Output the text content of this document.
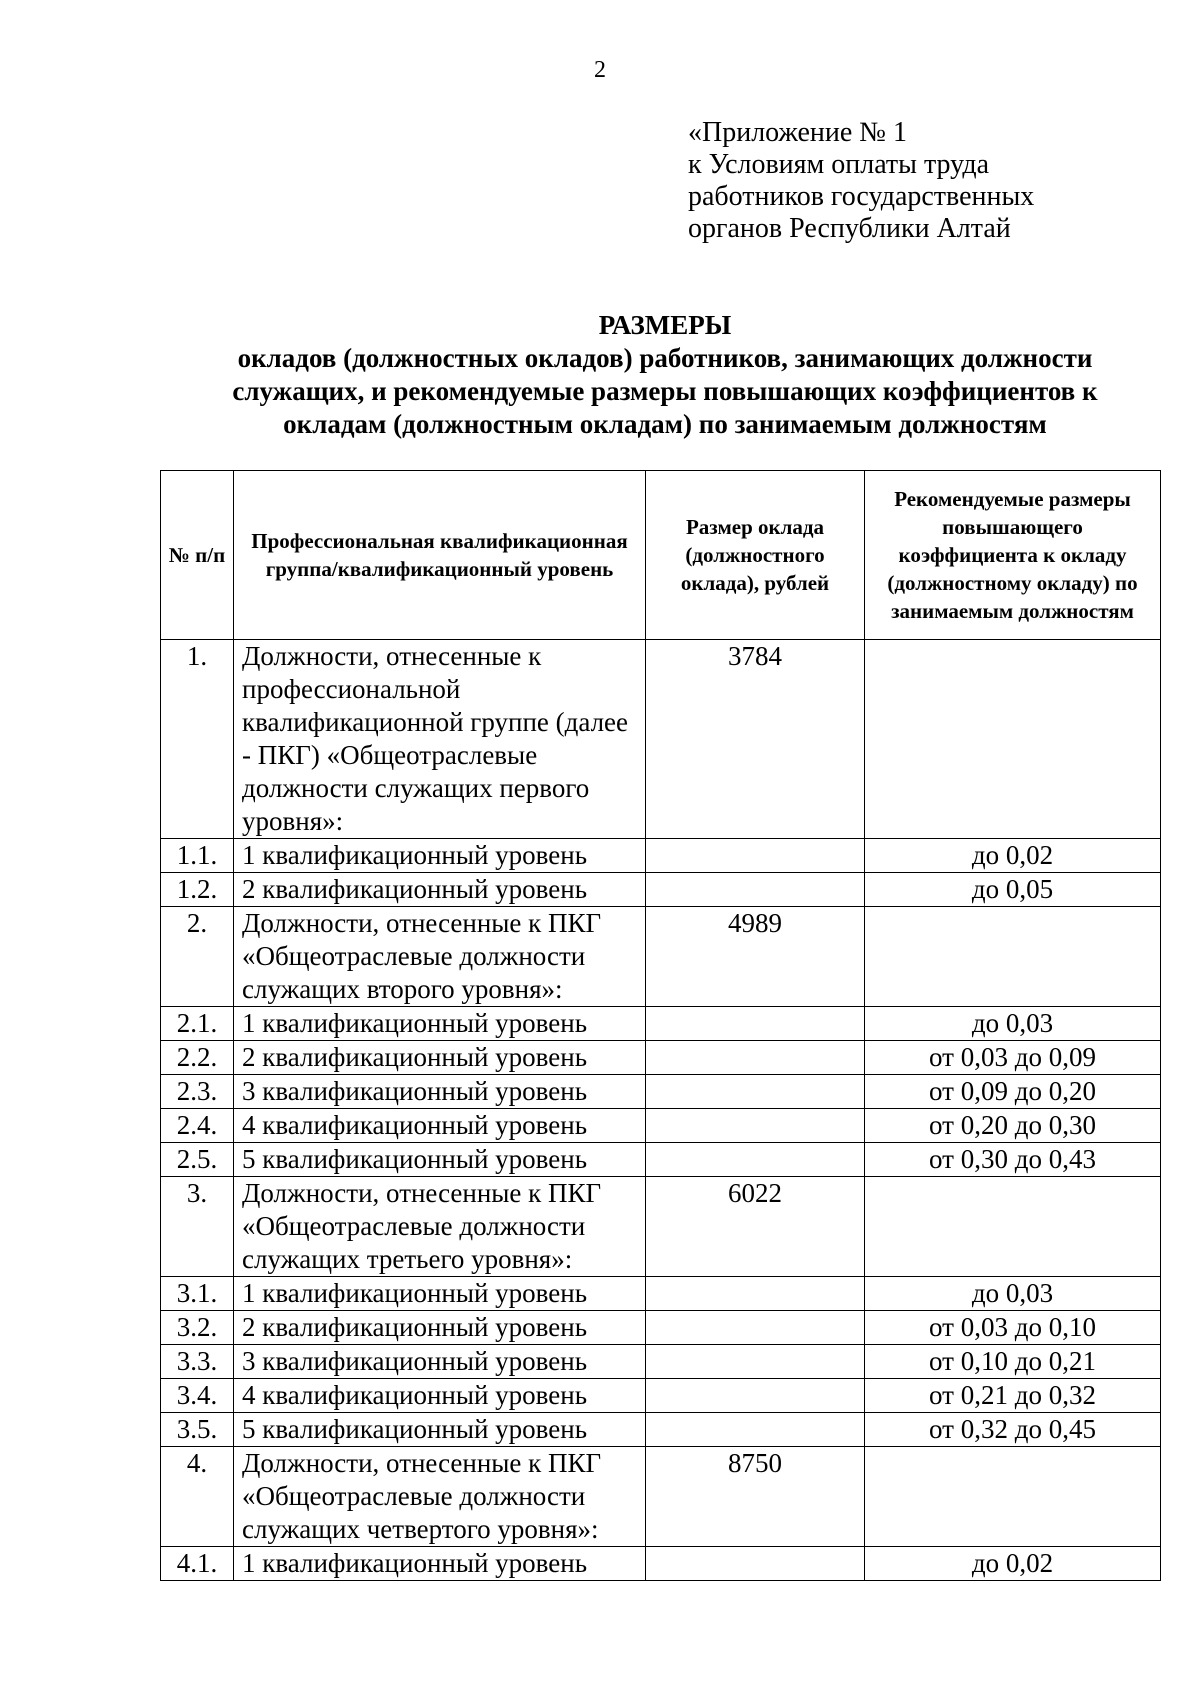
2
«Приложение № 1
к Условиям оплаты труда
работников государственных
органов Республики Алтай
РАЗМЕРЫ
окладов (должностных окладов) работников, занимающих должности
служащих, и рекомендуемые размеры повышающих коэффициентов к
окладам (должностным окладам) по занимаемым должностям
№ п/п	Профессиональная квалификационная группа/квалификационный уровень	Размер оклада (должностного оклада), рублей	Рекомендуемые размеры повышающего коэффициента к окладу (должностному окладу) по занимаемым должностям
1.	Должности, отнесенные к профессиональной квалификационной группе (далее - ПКГ) «Общеотраслевые должности служащих первого уровня»:	3784	
1.1.	1 квалификационный уровень		до 0,02
1.2.	2 квалификационный уровень		до 0,05
2.	Должности, отнесенные к ПКГ «Общеотраслевые должности служащих второго уровня»:	4989	
2.1.	1 квалификационный уровень		до 0,03
2.2.	2 квалификационный уровень		от 0,03 до 0,09
2.3.	3 квалификационный уровень		от 0,09 до 0,20
2.4.	4 квалификационный уровень		от 0,20 до 0,30
2.5.	5 квалификационный уровень		от 0,30 до 0,43
3.	Должности, отнесенные к ПКГ «Общеотраслевые должности служащих третьего уровня»:	6022	
3.1.	1 квалификационный уровень		до 0,03
3.2.	2 квалификационный уровень		от 0,03 до 0,10
3.3.	3 квалификационный уровень		от 0,10 до 0,21
3.4.	4 квалификационный уровень		от 0,21 до 0,32
3.5.	5 квалификационный уровень		от 0,32 до 0,45
4.	Должности, отнесенные к ПКГ «Общеотраслевые должности служащих четвертого уровня»:	8750	
4.1.	1 квалификационный уровень		до 0,02
